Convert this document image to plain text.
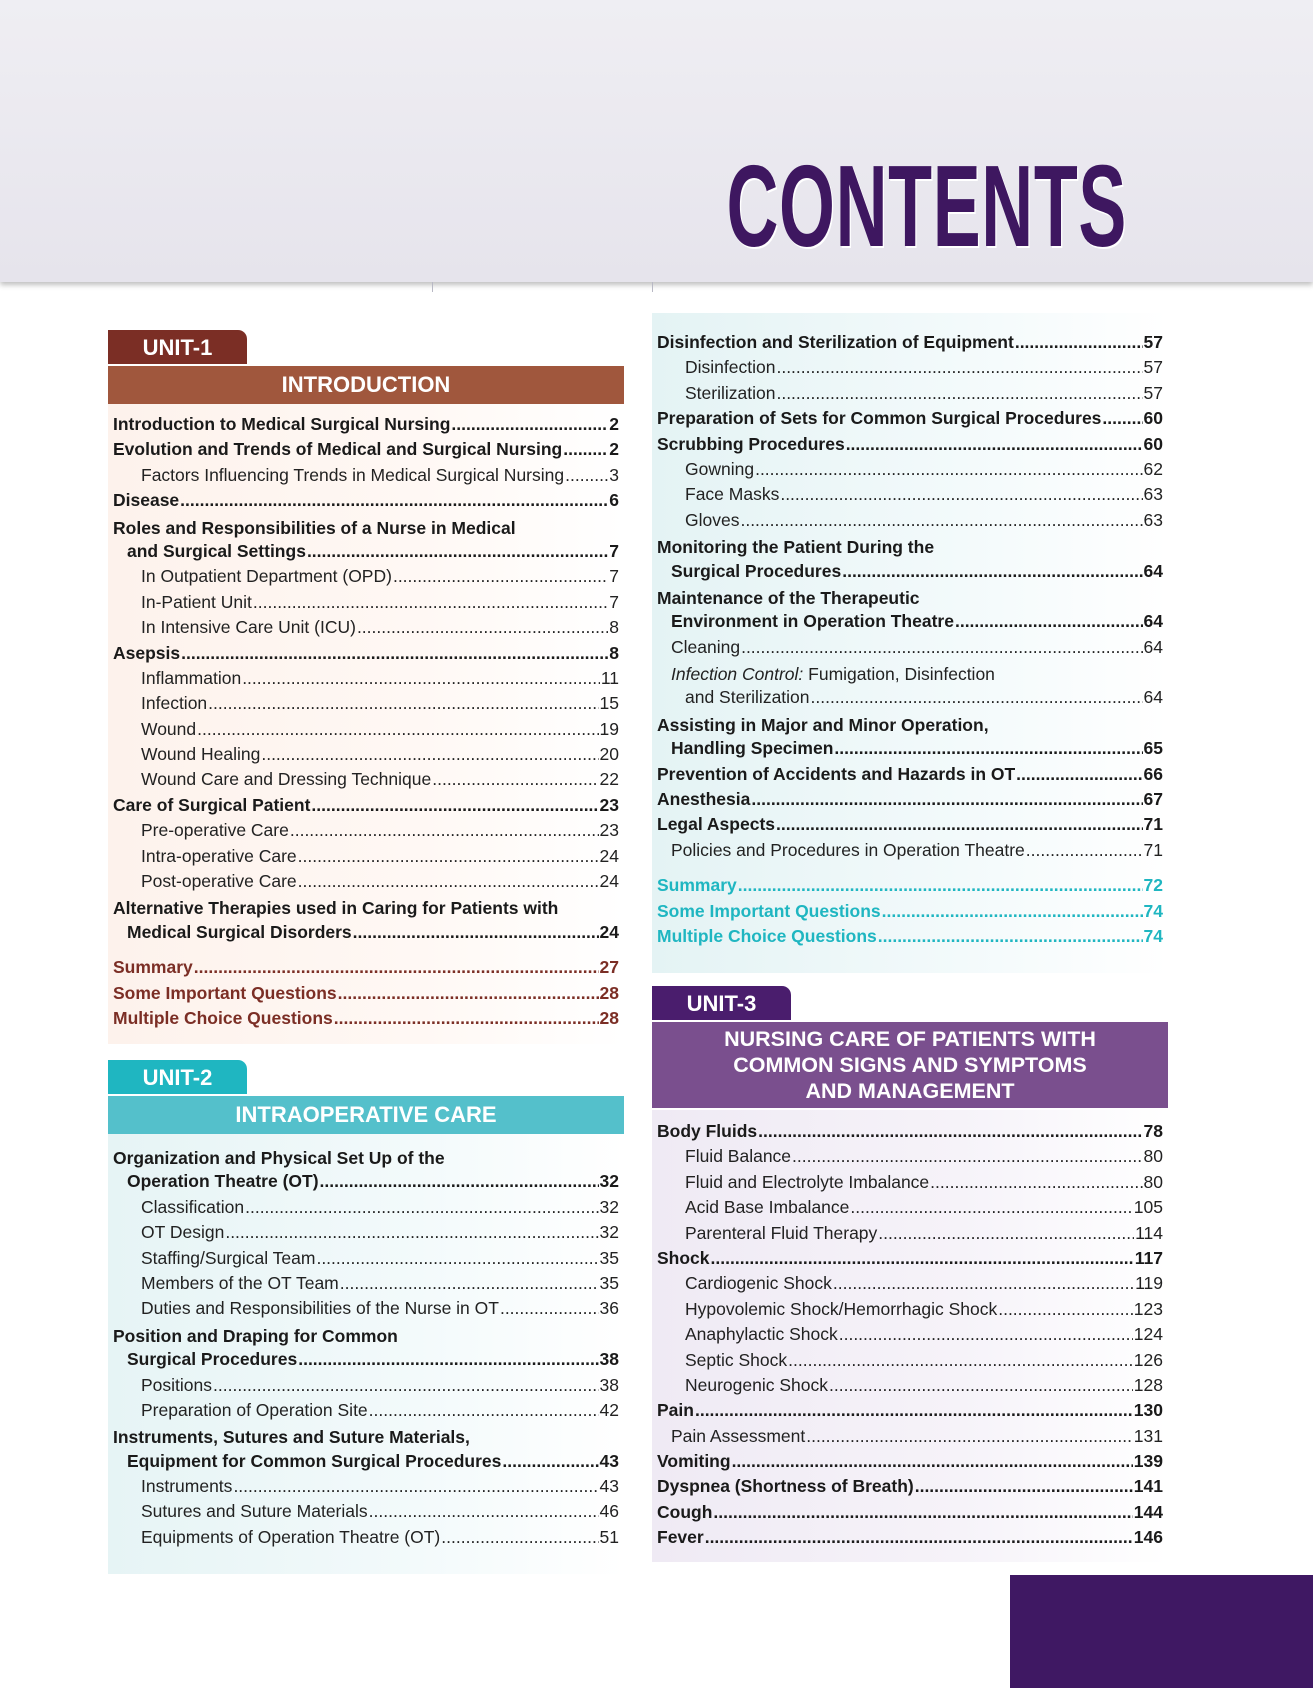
CONTENTS
UNIT-1
INTRODUCTION
Introduction to Medical Surgical Nursing .....	2
Evolution and Trends of Medical and Surgical Nursing .....	2
Factors Influencing Trends in Medical Surgical Nursing .....	3
Disease .....	6
Roles and Responsibilities of a Nurse in Medical
and Surgical Settings .....	7
In Outpatient Department (OPD) .....	7
In-Patient Unit .....	7
In Intensive Care Unit (ICU) .....	8
Asepsis .....	8
Inflammation .....	11
Infection .....	15
Wound .....	19
Wound Healing .....	20
Wound Care and Dressing Technique .....	22
Care of Surgical Patient .....	23
Pre-operative Care .....	23
Intra-operative Care .....	24
Post-operative Care .....	24
Alternative Therapies used in Caring for Patients with
Medical Surgical Disorders .....	24
Summary .....	27
Some Important Questions .....	28
Multiple Choice Questions .....	28
UNIT-2
INTRAOPERATIVE CARE
Organization and Physical Set Up of the
Operation Theatre (OT) .....	32
Classification .....	32
OT Design .....	32
Staffing/Surgical Team .....	35
Members of the OT Team .....	35
Duties and Responsibilities of the Nurse in OT .....	36
Position and Draping for Common
Surgical Procedures .....	38
Positions .....	38
Preparation of Operation Site .....	42
Instruments, Sutures and Suture Materials,
Equipment for Common Surgical Procedures .....	43
Instruments .....	43
Sutures and Suture Materials .....	46
Equipments of Operation Theatre (OT) .....	51
Disinfection and Sterilization of Equipment .....	57
Disinfection .....	57
Sterilization .....	57
Preparation of Sets for Common Surgical Procedures ..... 60
Scrubbing Procedures .....	60
Gowning .....	62
Face Masks .....	63
Gloves .....	63
Monitoring the Patient During the
Surgical Procedures .....	64
Maintenance of the Therapeutic
Environment in Operation Theatre .....	64
Cleaning .....	64
Infection Control: Fumigation, Disinfection
and Sterilization .....	64
Assisting in Major and Minor Operation,
Handling Specimen .....	65
Prevention of Accidents and Hazards in OT .....	66
Anesthesia .....	67
Legal Aspects .....	71
Policies and Procedures in Operation Theatre .....	71
Summary .....	72
Some Important Questions .....	74
Multiple Choice Questions .....	74
UNIT-3
NURSING CARE OF PATIENTS WITH
COMMON SIGNS AND SYMPTOMS
AND MANAGEMENT
Body Fluids .....	78
Fluid Balance .....	80
Fluid and Electrolyte Imbalance .....	80
Acid Base Imbalance .....	105
Parenteral Fluid Therapy .....	114
Shock .....	117
Cardiogenic Shock .....	119
Hypovolemic Shock/Hemorrhagic Shock .....	123
Anaphylactic Shock .....	124
Septic Shock .....	126
Neurogenic Shock .....	128
Pain .....	130
Pain Assessment .....	131
Vomiting .....	139
Dyspnea (Shortness of Breath) .....	141
Cough .....	144
Fever .....	146
